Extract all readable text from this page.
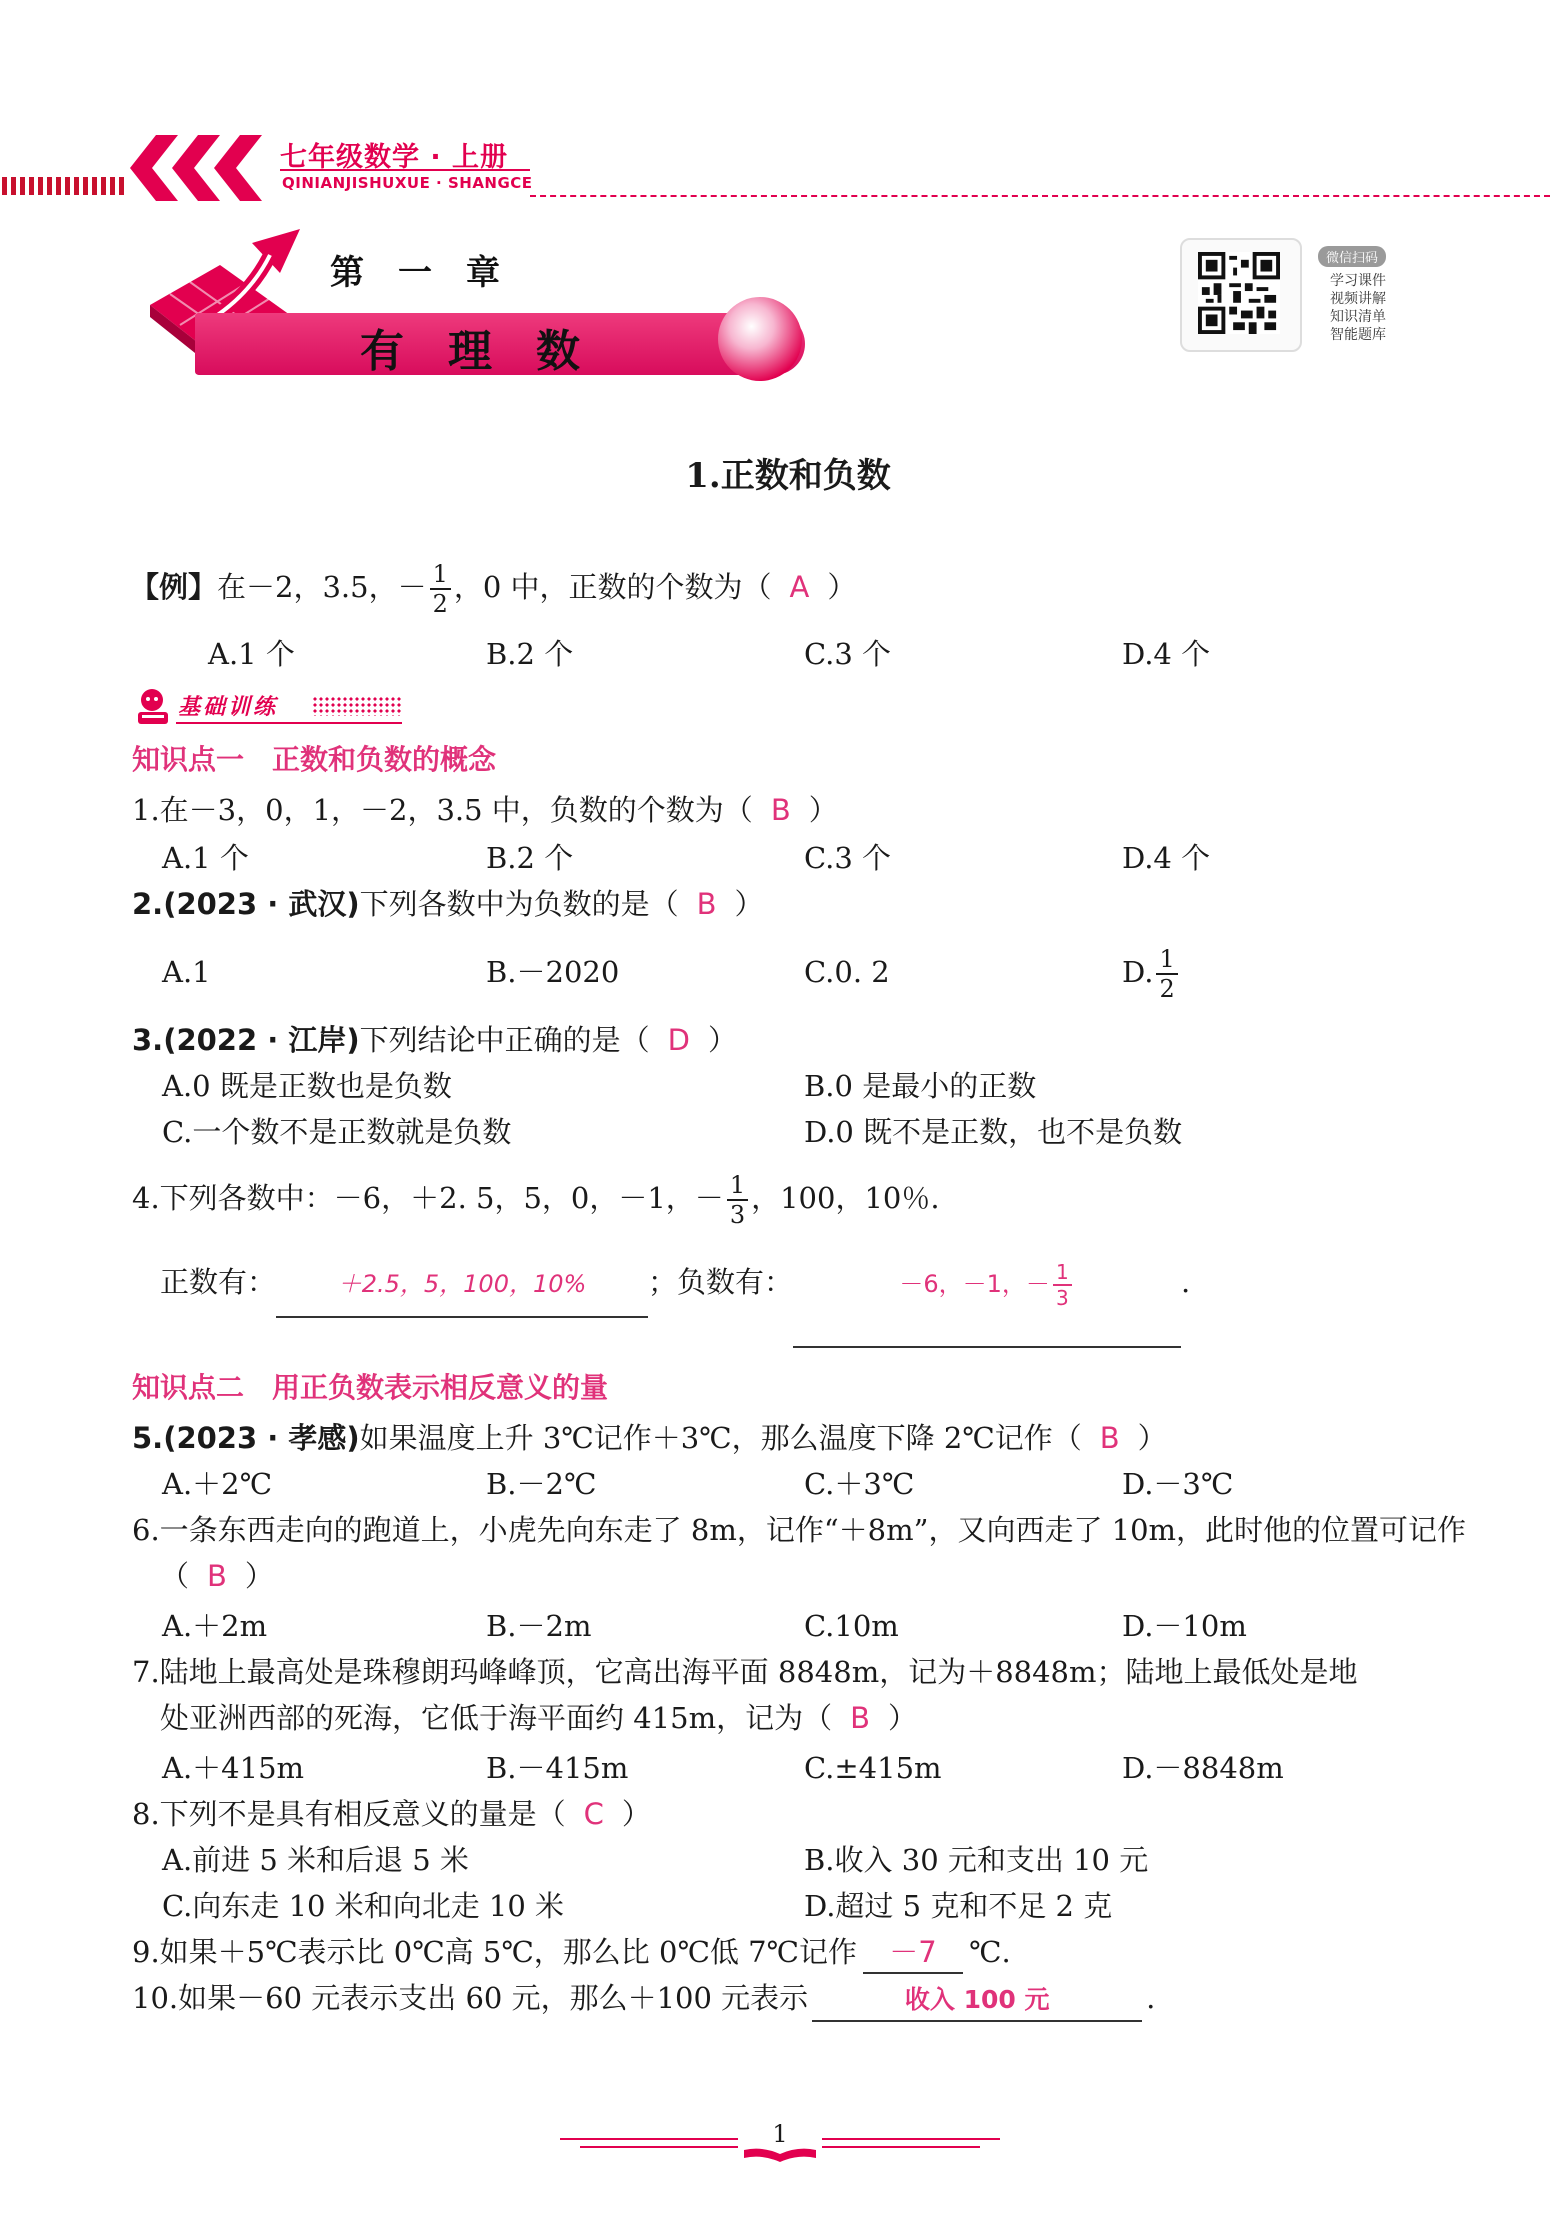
七年级数学 · 上册
QINIANJISHUXUE · SHANGCE
第　一　章
有　理　数
微信扫码
学习课件
视频讲解
知识清单
智能题库
1.正数和负数
【例】在－2，3.5，－ $\frac{1}{2}$ ，0 中，正数的个数为（ A ）
A.1 个	B.2 个	C.3 个	D.4 个
基础训练
知识点一　正数和负数的概念
1.在－3，0，1，－2，3.5 中，负数的个数为（ B ）
A.1 个	B.2 个	C.3 个	D.4 个
2.(2023 · 武汉)下列各数中为负数的是（ B ）
A.1	B.－2020	C.0. 2	D. $\frac{1}{2}$
3.(2022 · 江岸)下列结论中正确的是（ D ）
A.0 既是正数也是负数	B.0 是最小的正数
C.一个数不是正数就是负数	D.0 既不是正数，也不是负数
4.下列各数中：－6，＋2. 5，5，0，－1，－ $\frac{1}{3}$ ，100，10％.
正数有：	＋2.5，5，100，10% ；负数有：	$^{-6,-1,- \frac{1}{3}}$	.
知识点二　用正负数表示相反意义的量
5.(2023 · 孝感)如果温度上升 3℃记作＋3℃，那么温度下降 2℃记作（ B ）
A.＋2℃	B.－2℃	C.＋3℃	D.－3℃
6.一条东西走向的跑道上，小虎先向东走了 8m，记作“＋8m”，又向西走了 10m，此时他的位置可记作
（ B ）
A.＋2m	B.－2m	C.10m	D.－10m
7.陆地上最高处是珠穆朗玛峰峰顶，它高出海平面 8848m，记为＋8848m；陆地上最低处是地
处亚洲西部的死海，它低于海平面约 415m，记为（ B ）
A.＋415m	B.－415m	C.±415m	D.－8848m
8.下列不是具有相反意义的量是（ C ）
A.前进 5 米和后退 5 米	B.收入 30 元和支出 10 元
C.向东走 10 米和向北走 10 米	D.超过 5 克和不足 2 克
9.如果＋5℃表示比 0℃高 5℃，那么比 0℃低 7℃记作 －7 ℃.
10.如果－60 元表示支出 60 元，那么＋100 元表示	收入 100 元	.
1
